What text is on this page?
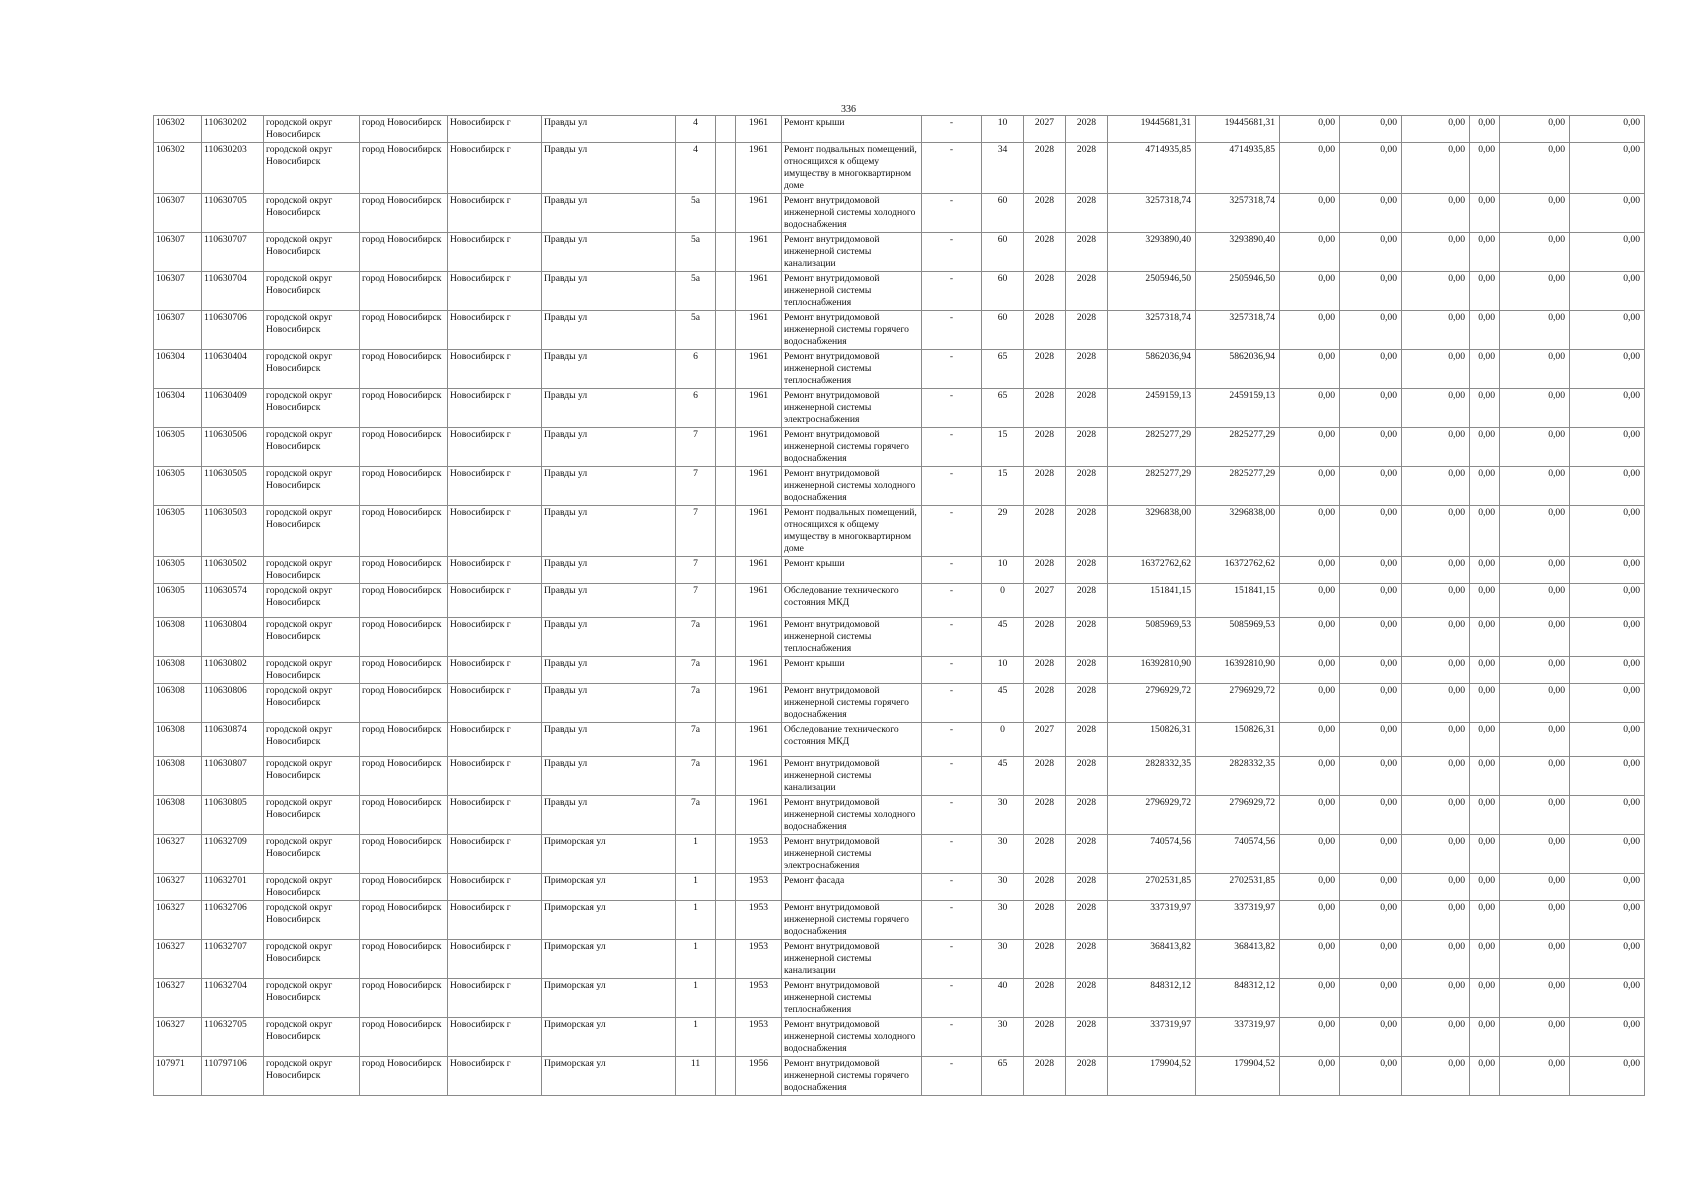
336
106302	110630202	городской округ Новосибирск	город Новосибирск	Новосибирск г	Правды ул	4		1961	Ремонт крыши	-	10	2027	2028	19445681,31	19445681,31	0,00	0,00	0,00	0,00	0,00	0,00
106302	110630203	городской округ Новосибирск	город Новосибирск	Новосибирск г	Правды ул	4		1961	Ремонт подвальных помещений, относящихся к общему имуществу в многоквартирном доме	-	34	2028	2028	4714935,85	4714935,85	0,00	0,00	0,00	0,00	0,00	0,00
106307	110630705	городской округ Новосибирск	город Новосибирск	Новосибирск г	Правды ул	5а		1961	Ремонт внутридомовой инженерной системы холодного водоснабжения	-	60	2028	2028	3257318,74	3257318,74	0,00	0,00	0,00	0,00	0,00	0,00
106307	110630707	городской округ Новосибирск	город Новосибирск	Новосибирск г	Правды ул	5а		1961	Ремонт внутридомовой инженерной системы канализации	-	60	2028	2028	3293890,40	3293890,40	0,00	0,00	0,00	0,00	0,00	0,00
106307	110630704	городской округ Новосибирск	город Новосибирск	Новосибирск г	Правды ул	5а		1961	Ремонт внутридомовой инженерной системы теплоснабжения	-	60	2028	2028	2505946,50	2505946,50	0,00	0,00	0,00	0,00	0,00	0,00
106307	110630706	городской округ Новосибирск	город Новосибирск	Новосибирск г	Правды ул	5а		1961	Ремонт внутридомовой инженерной системы горячего водоснабжения	-	60	2028	2028	3257318,74	3257318,74	0,00	0,00	0,00	0,00	0,00	0,00
106304	110630404	городской округ Новосибирск	город Новосибирск	Новосибирск г	Правды ул	6		1961	Ремонт внутридомовой инженерной системы теплоснабжения	-	65	2028	2028	5862036,94	5862036,94	0,00	0,00	0,00	0,00	0,00	0,00
106304	110630409	городской округ Новосибирск	город Новосибирск	Новосибирск г	Правды ул	6		1961	Ремонт внутридомовой инженерной системы электроснабжения	-	65	2028	2028	2459159,13	2459159,13	0,00	0,00	0,00	0,00	0,00	0,00
106305	110630506	городской округ Новосибирск	город Новосибирск	Новосибирск г	Правды ул	7		1961	Ремонт внутридомовой инженерной системы горячего водоснабжения	-	15	2028	2028	2825277,29	2825277,29	0,00	0,00	0,00	0,00	0,00	0,00
106305	110630505	городской округ Новосибирск	город Новосибирск	Новосибирск г	Правды ул	7		1961	Ремонт внутридомовой инженерной системы холодного водоснабжения	-	15	2028	2028	2825277,29	2825277,29	0,00	0,00	0,00	0,00	0,00	0,00
106305	110630503	городской округ Новосибирск	город Новосибирск	Новосибирск г	Правды ул	7		1961	Ремонт подвальных помещений, относящихся к общему имуществу в многоквартирном доме	-	29	2028	2028	3296838,00	3296838,00	0,00	0,00	0,00	0,00	0,00	0,00
106305	110630502	городской округ Новосибирск	город Новосибирск	Новосибирск г	Правды ул	7		1961	Ремонт крыши	-	10	2028	2028	16372762,62	16372762,62	0,00	0,00	0,00	0,00	0,00	0,00
106305	110630574	городской округ Новосибирск	город Новосибирск	Новосибирск г	Правды ул	7		1961	Обследование технического состояния МКД	-	0	2027	2028	151841,15	151841,15	0,00	0,00	0,00	0,00	0,00	0,00
106308	110630804	городской округ Новосибирск	город Новосибирск	Новосибирск г	Правды ул	7а		1961	Ремонт внутридомовой инженерной системы теплоснабжения	-	45	2028	2028	5085969,53	5085969,53	0,00	0,00	0,00	0,00	0,00	0,00
106308	110630802	городской округ Новосибирск	город Новосибирск	Новосибирск г	Правды ул	7а		1961	Ремонт крыши	-	10	2028	2028	16392810,90	16392810,90	0,00	0,00	0,00	0,00	0,00	0,00
106308	110630806	городской округ Новосибирск	город Новосибирск	Новосибирск г	Правды ул	7а		1961	Ремонт внутридомовой инженерной системы горячего водоснабжения	-	45	2028	2028	2796929,72	2796929,72	0,00	0,00	0,00	0,00	0,00	0,00
106308	110630874	городской округ Новосибирск	город Новосибирск	Новосибирск г	Правды ул	7а		1961	Обследование технического состояния МКД	-	0	2027	2028	150826,31	150826,31	0,00	0,00	0,00	0,00	0,00	0,00
106308	110630807	городской округ Новосибирск	город Новосибирск	Новосибирск г	Правды ул	7а		1961	Ремонт внутридомовой инженерной системы канализации	-	45	2028	2028	2828332,35	2828332,35	0,00	0,00	0,00	0,00	0,00	0,00
106308	110630805	городской округ Новосибирск	город Новосибирск	Новосибирск г	Правды ул	7а		1961	Ремонт внутридомовой инженерной системы холодного водоснабжения	-	30	2028	2028	2796929,72	2796929,72	0,00	0,00	0,00	0,00	0,00	0,00
106327	110632709	городской округ Новосибирск	город Новосибирск	Новосибирск г	Приморская ул	1		1953	Ремонт внутридомовой инженерной системы электроснабжения	-	30	2028	2028	740574,56	740574,56	0,00	0,00	0,00	0,00	0,00	0,00
106327	110632701	городской округ Новосибирск	город Новосибирск	Новосибирск г	Приморская ул	1		1953	Ремонт фасада	-	30	2028	2028	2702531,85	2702531,85	0,00	0,00	0,00	0,00	0,00	0,00
106327	110632706	городской округ Новосибирск	город Новосибирск	Новосибирск г	Приморская ул	1		1953	Ремонт внутридомовой инженерной системы горячего водоснабжения	-	30	2028	2028	337319,97	337319,97	0,00	0,00	0,00	0,00	0,00	0,00
106327	110632707	городской округ Новосибирск	город Новосибирск	Новосибирск г	Приморская ул	1		1953	Ремонт внутридомовой инженерной системы канализации	-	30	2028	2028	368413,82	368413,82	0,00	0,00	0,00	0,00	0,00	0,00
106327	110632704	городской округ Новосибирск	город Новосибирск	Новосибирск г	Приморская ул	1		1953	Ремонт внутридомовой инженерной системы теплоснабжения	-	40	2028	2028	848312,12	848312,12	0,00	0,00	0,00	0,00	0,00	0,00
106327	110632705	городской округ Новосибирск	город Новосибирск	Новосибирск г	Приморская ул	1		1953	Ремонт внутридомовой инженерной системы холодного водоснабжения	-	30	2028	2028	337319,97	337319,97	0,00	0,00	0,00	0,00	0,00	0,00
107971	110797106	городской округ Новосибирск	город Новосибирск	Новосибирск г	Приморская ул	11		1956	Ремонт внутридомовой инженерной системы горячего водоснабжения	-	65	2028	2028	179904,52	179904,52	0,00	0,00	0,00	0,00	0,00	0,00
